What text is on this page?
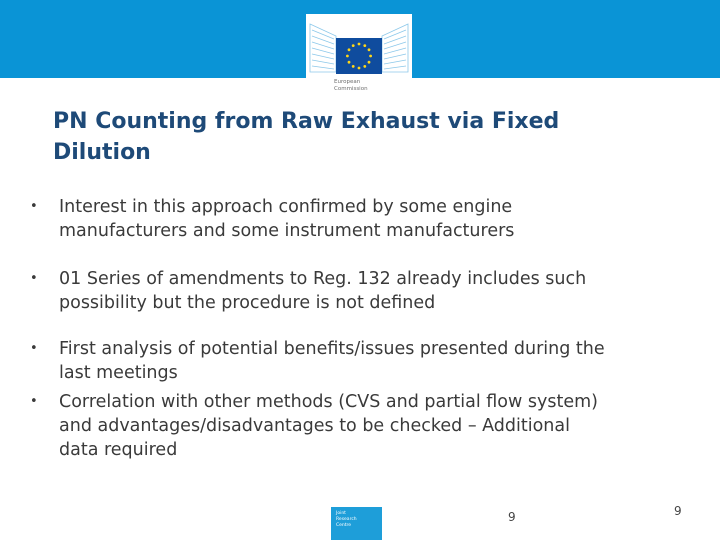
European
Commission
PN Counting from Raw Exhaust via Fixed
Dilution
• Interest in this approach confirmed by some engine
manufacturers and some instrument manufacturers
• 01 Series of amendments to Reg. 132 already includes such
possibility but the procedure is not defined
• First analysis of potential benefits/issues presented during the
last meetings
• Correlation with other methods (CVS and partial flow system)
and advantages/disadvantages to be checked – Additional
data required
Joint
Research
Centre
9	9
